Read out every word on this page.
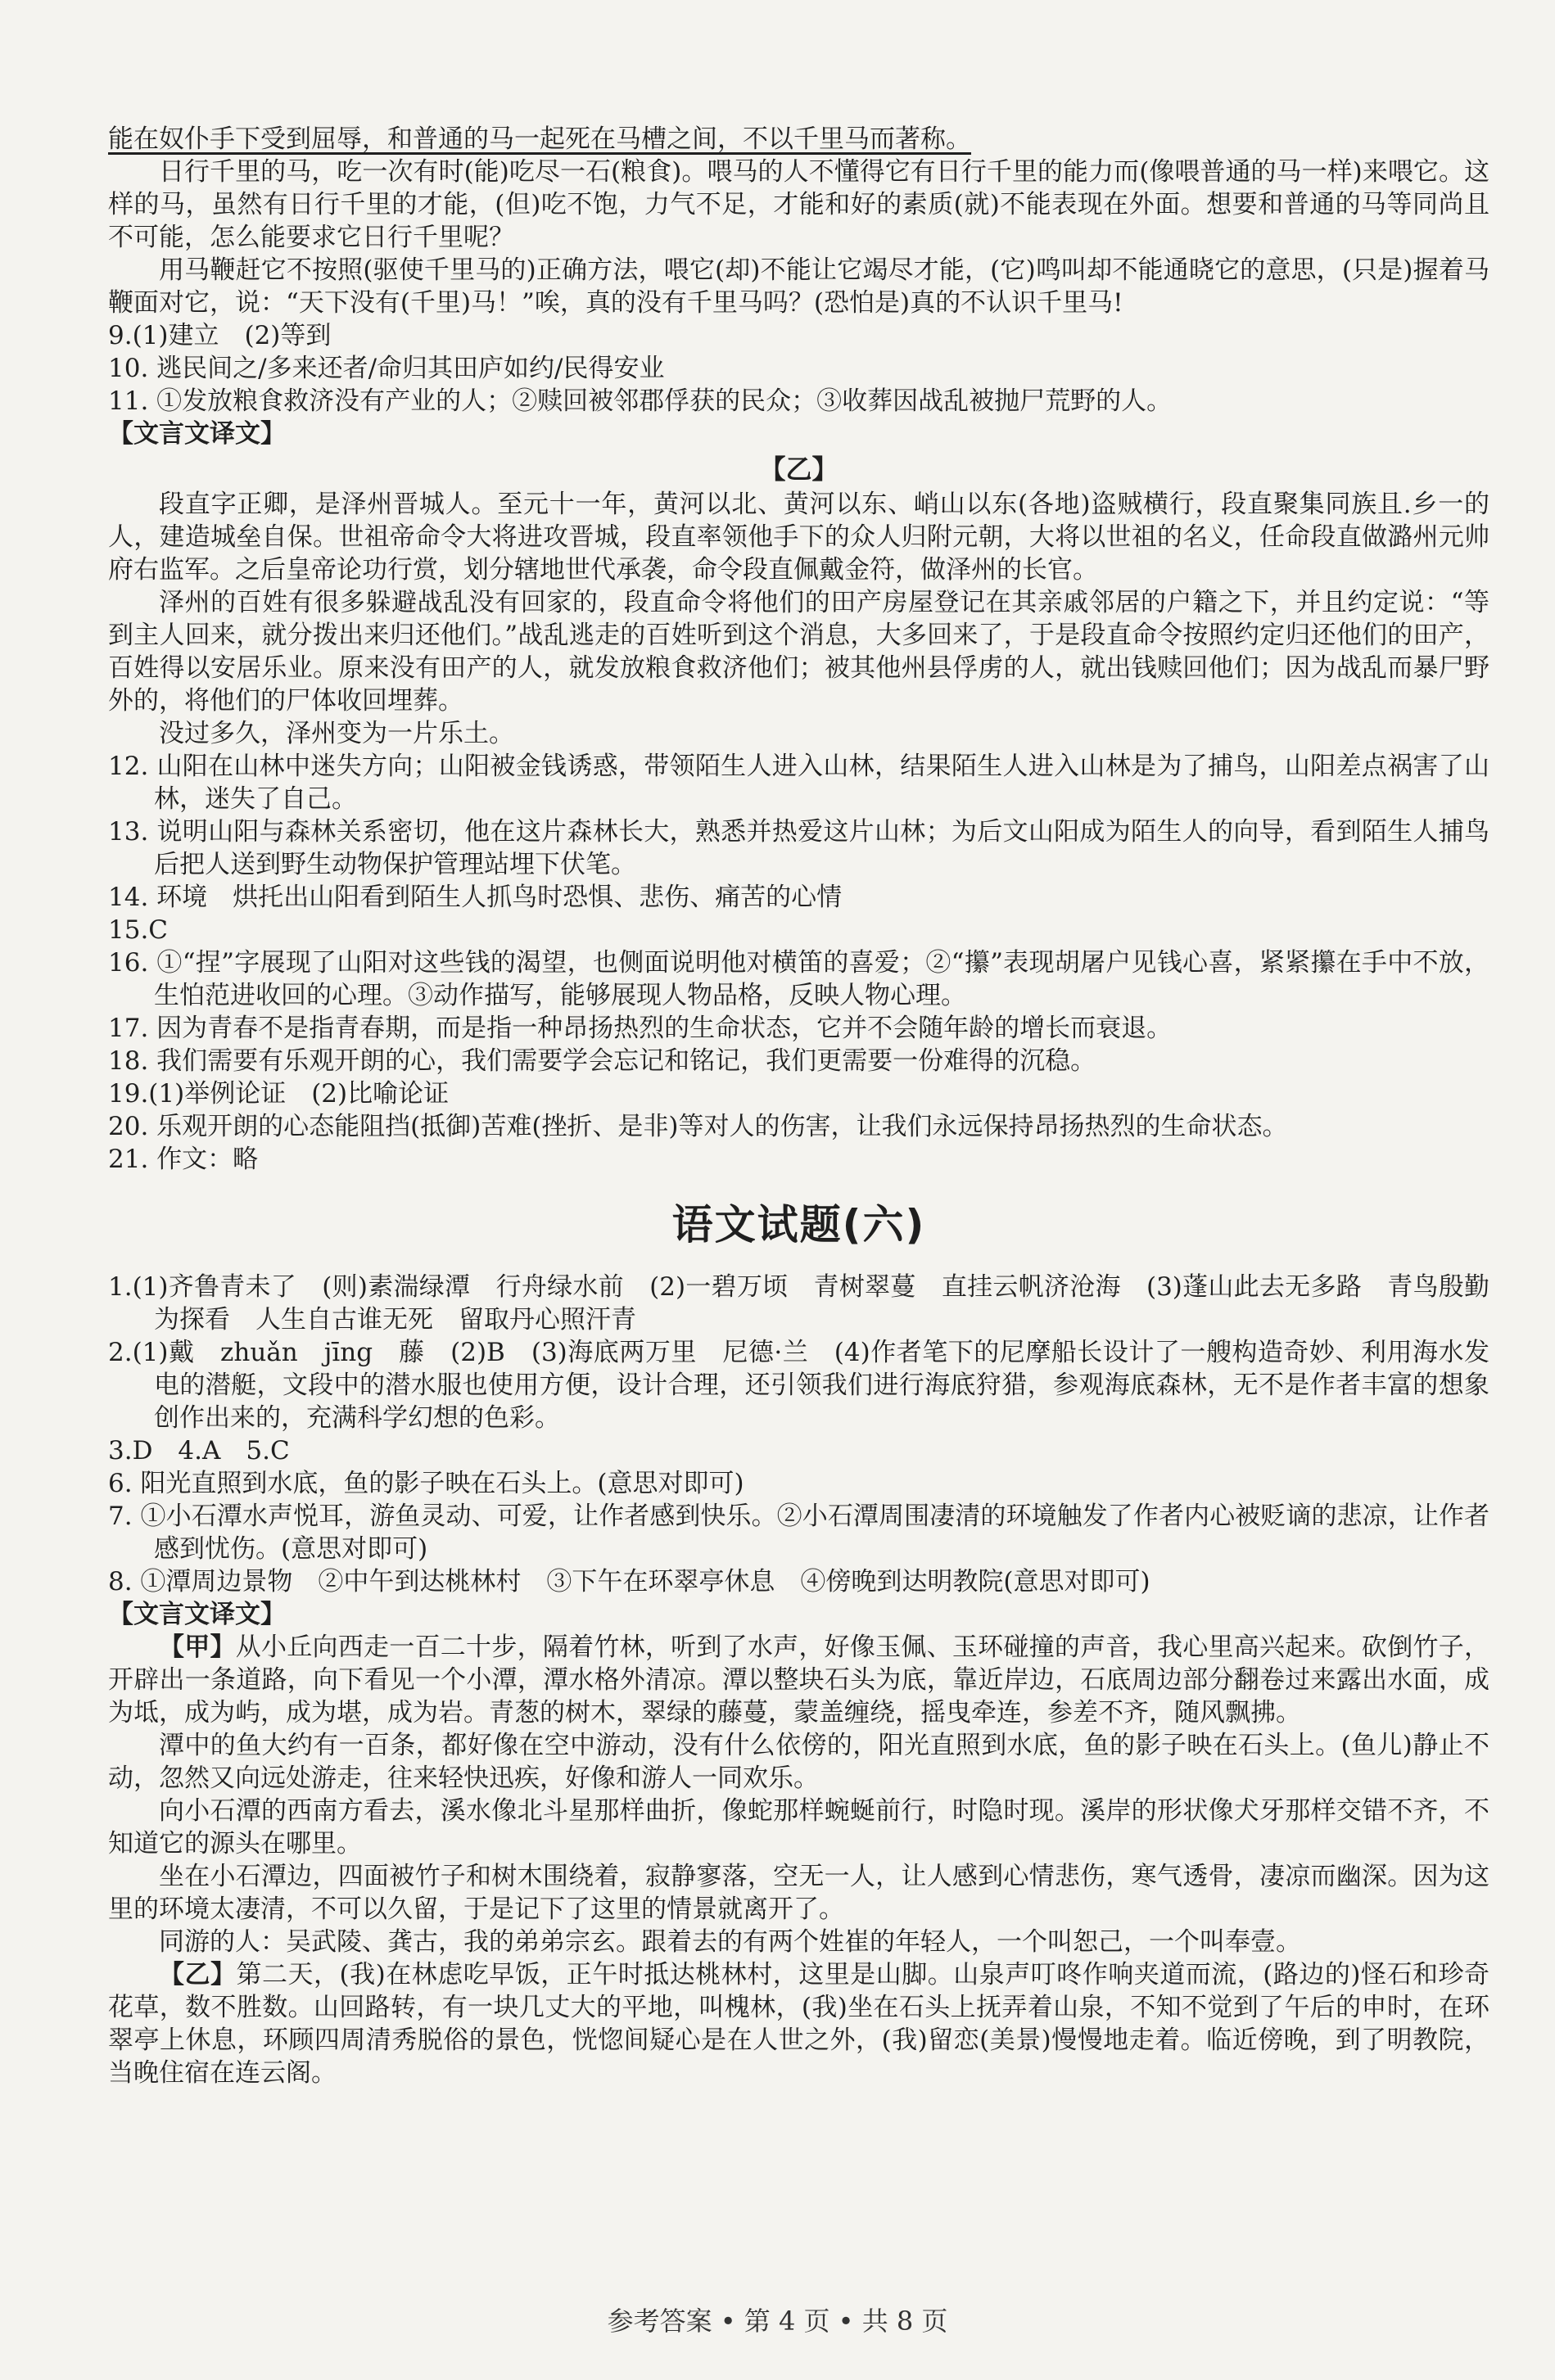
能在奴仆手下受到屈辱，和普通的马一起死在马槽之间，不以千里马而著称。

日行千里的马，吃一次有时(能)吃尽一石(粮食)。喂马的人不懂得它有日行千里的能力而(像喂普通的马一样)来喂它。这样的马，虽然有日行千里的才能，(但)吃不饱，力气不足，才能和好的素质(就)不能表现在外面。想要和普通的马等同尚且不可能，怎么能要求它日行千里呢？

用马鞭赶它不按照(驱使千里马的)正确方法，喂它(却)不能让它竭尽才能，(它)鸣叫却不能通晓它的意思，(只是)握着马鞭面对它，说：“天下没有(千里)马！”唉，真的没有千里马吗？(恐怕是)真的不认识千里马!

9.(1)建立　(2)等到

10. 逃民间之/多来还者/命归其田庐如约/民得安业

11. ①发放粮食救济没有产业的人；②赎回被邻郡俘获的民众；③收葬因战乱被抛尸荒野的人。

【文言文译文】

【乙】

段直字正卿，是泽州晋城人。至元十一年，黄河以北、黄河以东、峭山以东(各地)盗贼横行，段直聚集同族且.乡一的人，建造城垒自保。世祖帝命令大将进攻晋城，段直率领他手下的众人归附元朝，大将以世祖的名义，任命段直做潞州元帅府右监军。之后皇帝论功行赏，划分辖地世代承袭，命令段直佩戴金符，做泽州的长官。

泽州的百姓有很多躲避战乱没有回家的，段直命令将他们的田产房屋登记在其亲戚邻居的户籍之下，并且约定说：“等到主人回来，就分拨出来归还他们。”战乱逃走的百姓听到这个消息，大多回来了，于是段直命令按照约定归还他们的田产，百姓得以安居乐业。原来没有田产的人，就发放粮食救济他们；被其他州县俘虏的人，就出钱赎回他们；因为战乱而暴尸野外的，将他们的尸体收回埋葬。

没过多久，泽州变为一片乐土。

12. 山阳在山林中迷失方向；山阳被金钱诱惑，带领陌生人进入山林，结果陌生人进入山林是为了捕鸟，山阳差点祸害了山林，迷失了自己。

13. 说明山阳与森林关系密切，他在这片森林长大，熟悉并热爱这片山林；为后文山阳成为陌生人的向导，看到陌生人捕鸟后把人送到野生动物保护管理站埋下伏笔。

14. 环境　烘托出山阳看到陌生人抓鸟时恐惧、悲伤、痛苦的心情

15.C

16. ①“捏”字展现了山阳对这些钱的渴望，也侧面说明他对横笛的喜爱；②“攥”表现胡屠户见钱心喜，紧紧攥在手中不放，生怕范进收回的心理。③动作描写，能够展现人物品格，反映人物心理。

17. 因为青春不是指青春期，而是指一种昂扬热烈的生命状态，它并不会随年龄的增长而衰退。

18. 我们需要有乐观开朗的心，我们需要学会忘记和铭记，我们更需要一份难得的沉稳。

19.(1)举例论证　(2)比喻论证

20. 乐观开朗的心态能阻挡(抵御)苦难(挫折、是非)等对人的伤害，让我们永远保持昂扬热烈的生命状态。

21. 作文：略

语文试题(六)

1.(1)齐鲁青未了　(则)素湍绿潭　行舟绿水前　(2)一碧万顷　青树翠蔓　直挂云帆济沧海　(3)蓬山此去无多路　青鸟殷勤为探看　人生自古谁无死　留取丹心照汗青

2.(1)戴　zhuǎn　jīng　藤　(2)B　(3)海底两万里　尼德·兰　(4)作者笔下的尼摩船长设计了一艘构造奇妙、利用海水发电的潜艇，文段中的潜水服也使用方便，设计合理，还引领我们进行海底狩猎，参观海底森林，无不是作者丰富的想象创作出来的，充满科学幻想的色彩。

3.D　4.A　5.C

6. 阳光直照到水底，鱼的影子映在石头上。(意思对即可)

7. ①小石潭水声悦耳，游鱼灵动、可爱，让作者感到快乐。②小石潭周围凄清的环境触发了作者内心被贬谪的悲凉，让作者感到忧伤。(意思对即可)

8. ①潭周边景物　②中午到达桃林村　③下午在环翠亭休息　④傍晚到达明教院(意思对即可)

【文言文译文】

【甲】从小丘向西走一百二十步，隔着竹林，听到了水声，好像玉佩、玉环碰撞的声音，我心里高兴起来。砍倒竹子，开辟出一条道路，向下看见一个小潭，潭水格外清凉。潭以整块石头为底，靠近岸边，石底周边部分翻卷过来露出水面，成为坻，成为屿，成为堪，成为岩。青葱的树木，翠绿的藤蔓，蒙盖缠绕，摇曳牵连，参差不齐，随风飘拂。

潭中的鱼大约有一百条，都好像在空中游动，没有什么依傍的，阳光直照到水底，鱼的影子映在石头上。(鱼儿)静止不动，忽然又向远处游走，往来轻快迅疾，好像和游人一同欢乐。

向小石潭的西南方看去，溪水像北斗星那样曲折，像蛇那样蜿蜒前行，时隐时现。溪岸的形状像犬牙那样交错不齐，不知道它的源头在哪里。

坐在小石潭边，四面被竹子和树木围绕着，寂静寥落，空无一人，让人感到心情悲伤，寒气透骨，凄凉而幽深。因为这里的环境太凄清，不可以久留，于是记下了这里的情景就离开了。

同游的人：吴武陵、龚古，我的弟弟宗玄。跟着去的有两个姓崔的年轻人，一个叫恕己，一个叫奉壹。

【乙】第二天，(我)在林虑吃早饭，正午时抵达桃林村，这里是山脚。山泉声叮咚作响夹道而流，(路边的)怪石和珍奇花草，数不胜数。山回路转，有一块几丈大的平地，叫槐林，(我)坐在石头上抚弄着山泉，不知不觉到了午后的申时，在环翠亭上休息，环顾四周清秀脱俗的景色，恍惚间疑心是在人世之外，(我)留恋(美景)慢慢地走着。临近傍晚，到了明教院，当晚住宿在连云阁。

参考答案 • 第 4 页 • 共 8 页
